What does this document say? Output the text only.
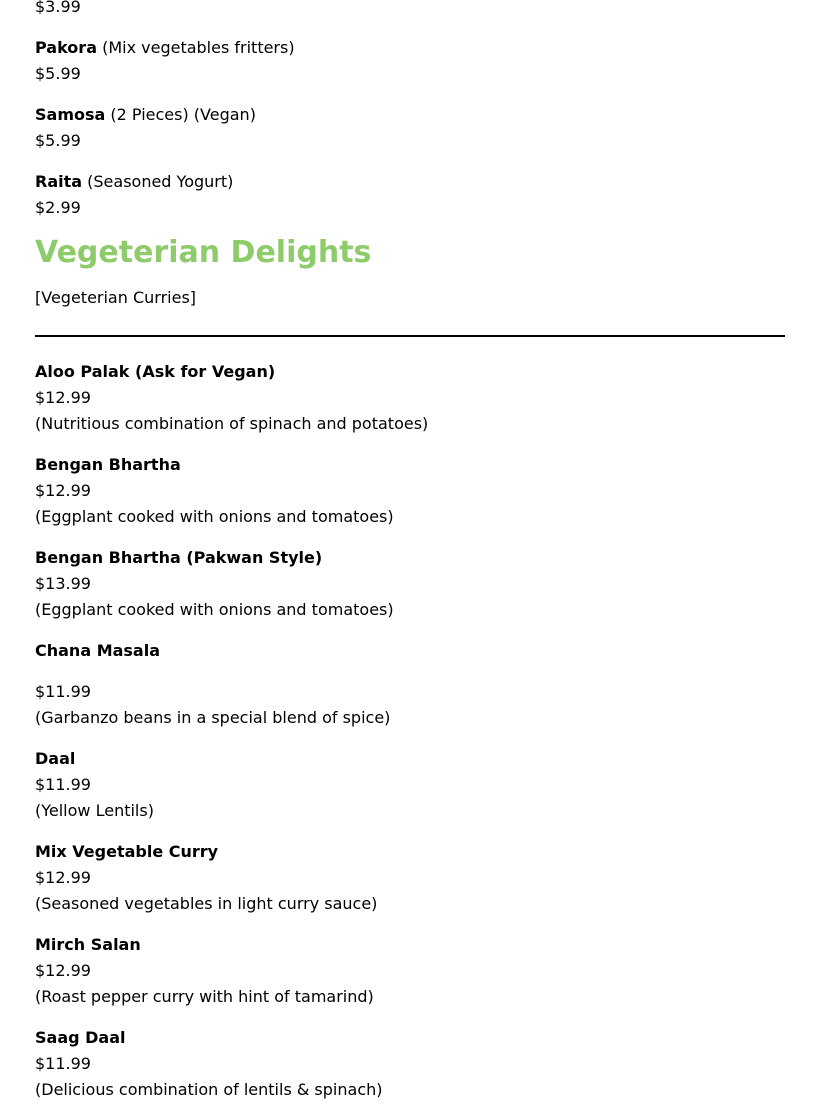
$3.99
Pakora (Mix vegetables fritters)
$5.99
Samosa (2 Pieces) (Vegan)
$5.99
Raita (Seasoned Yogurt)
$2.99
Vegeterian Delights
[Vegeterian Curries]
Aloo Palak (Ask for Vegan)
$12.99
(Nutritious combination of spinach and potatoes)
Bengan Bhartha
$12.99
(Eggplant cooked with onions and tomatoes)
Bengan Bhartha (Pakwan Style)
$13.99
(Eggplant cooked with onions and tomatoes)
Chana Masala
$11.99
(Garbanzo beans in a special blend of spice)
Daal
$11.99
(Yellow Lentils)
Mix Vegetable Curry
$12.99
(Seasoned vegetables in light curry sauce)
Mirch Salan
$12.99
(Roast pepper curry with hint of tamarind)
Saag Daal
$11.99
(Delicious combination of lentils & spinach)
